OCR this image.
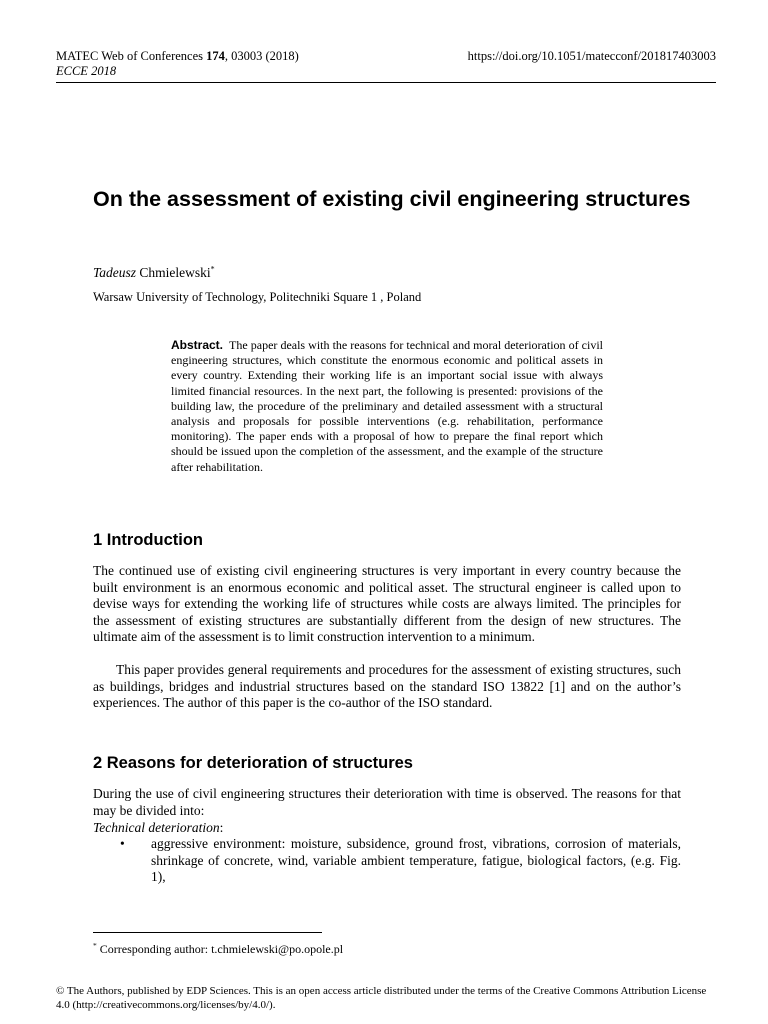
MATEC Web of Conferences 174, 03003 (2018)	https://doi.org/10.1051/matecconf/201817403003
ECCE 2018
On the assessment of existing civil engineering structures
Tadeusz Chmielewski*
Warsaw University of Technology, Politechniki Square 1 , Poland

Abstract. The paper deals with the reasons for technical and moral deterioration of civil engineering structures, which constitute the enormous economic and political assets in every country. Extending their working life is an important social issue with always limited financial resources. In the next part, the following is presented: provisions of the building law, the procedure of the preliminary and detailed assessment with a structural analysis and proposals for possible interventions (e.g. rehabilitation, performance monitoring). The paper ends with a proposal of how to prepare the final report which should be issued upon the completion of the assessment, and the example of the structure after rehabilitation.

1 Introduction

The continued use of existing civil engineering structures is very important in every country because the built environment is an enormous economic and political asset. The structural engineer is called upon to devise ways for extending the working life of structures while costs are always limited. The principles for the assessment of existing structures are substantially different from the design of new structures. The ultimate aim of the assessment is to limit construction intervention to a minimum.

This paper provides general requirements and procedures for the assessment of existing structures, such as buildings, bridges and industrial structures based on the standard ISO 13822 [1] and on the author’s experiences. The author of this paper is the co-author of the ISO standard.

2 Reasons for deterioration of structures

During the use of civil engineering structures their deterioration with time is observed. The reasons for that may be divided into:

Technical deterioration:
•	aggressive environment: moisture, subsidence, ground frost, vibrations, corrosion of materials, shrinkage of concrete, wind, variable ambient temperature, fatigue, biological factors, (e.g. Fig. 1),
* Corresponding author: t.chmielewski@po.opole.pl
© The Authors, published by EDP Sciences. This is an open access article distributed under the terms of the Creative Commons Attribution License 4.0 (http://creativecommons.org/licenses/by/4.0/).
